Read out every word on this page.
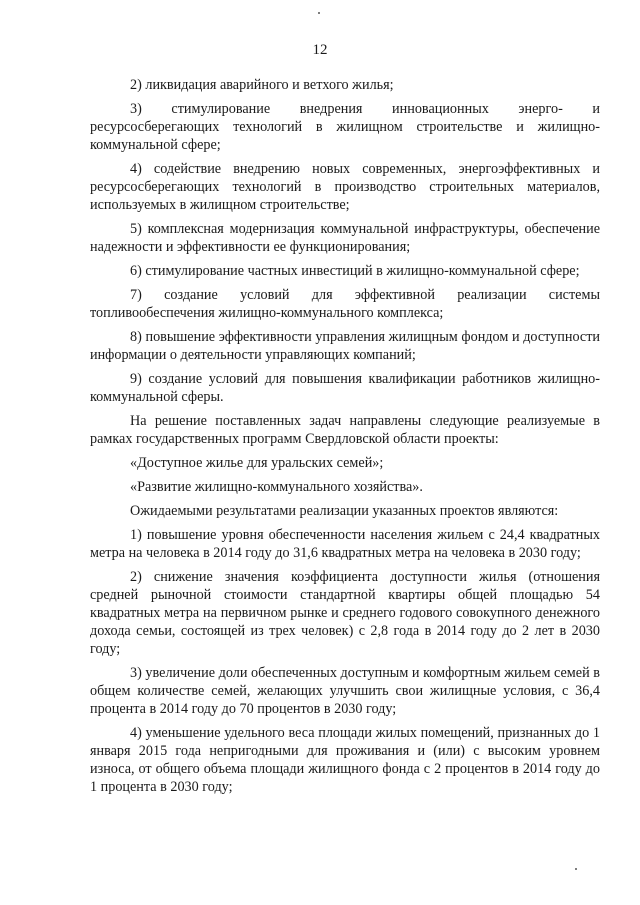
12

2) ликвидация аварийного и ветхого жилья;

3) стимулирование внедрения инновационных энерго- и ресурсосберегающих технологий в жилищном строительстве и жилищно-коммунальной сфере;

4) содействие внедрению новых современных, энергоэффективных и ресурсосберегающих технологий в производство строительных материалов, используемых в жилищном строительстве;

5) комплексная модернизация коммунальной инфраструктуры, обеспечение надежности и эффективности ее функционирования;

6) стимулирование частных инвестиций в жилищно-коммунальной сфере;

7) создание условий для эффективной реализации системы топливообеспечения жилищно-коммунального комплекса;

8) повышение эффективности управления жилищным фондом и доступности информации о деятельности управляющих компаний;

9) создание условий для повышения квалификации работников жилищно-коммунальной сферы.

На решение поставленных задач направлены следующие реализуемые в рамках государственных программ Свердловской области проекты:

«Доступное жилье для уральских семей»;

«Развитие жилищно-коммунального хозяйства».

Ожидаемыми результатами реализации указанных проектов являются:

1) повышение уровня обеспеченности населения жильем с 24,4 квадратных метра на человека в 2014 году до 31,6 квадратных метра на человека в 2030 году;

2) снижение значения коэффициента доступности жилья (отношения средней рыночной стоимости стандартной квартиры общей площадью 54 квадратных метра на первичном рынке и среднего годового совокупного денежного дохода семьи, состоящей из трех человек) с 2,8 года в 2014 году до 2 лет в 2030 году;

3) увеличение доли обеспеченных доступным и комфортным жильем семей в общем количестве семей, желающих улучшить свои жилищные условия, с 36,4 процента в 2014 году до 70 процентов в 2030 году;

4) уменьшение удельного веса площади жилых помещений, признанных до 1 января 2015 года непригодными для проживания и (или) с высоким уровнем износа, от общего объема площади жилищного фонда с 2 процентов в 2014 году до 1 процента в 2030 году;
